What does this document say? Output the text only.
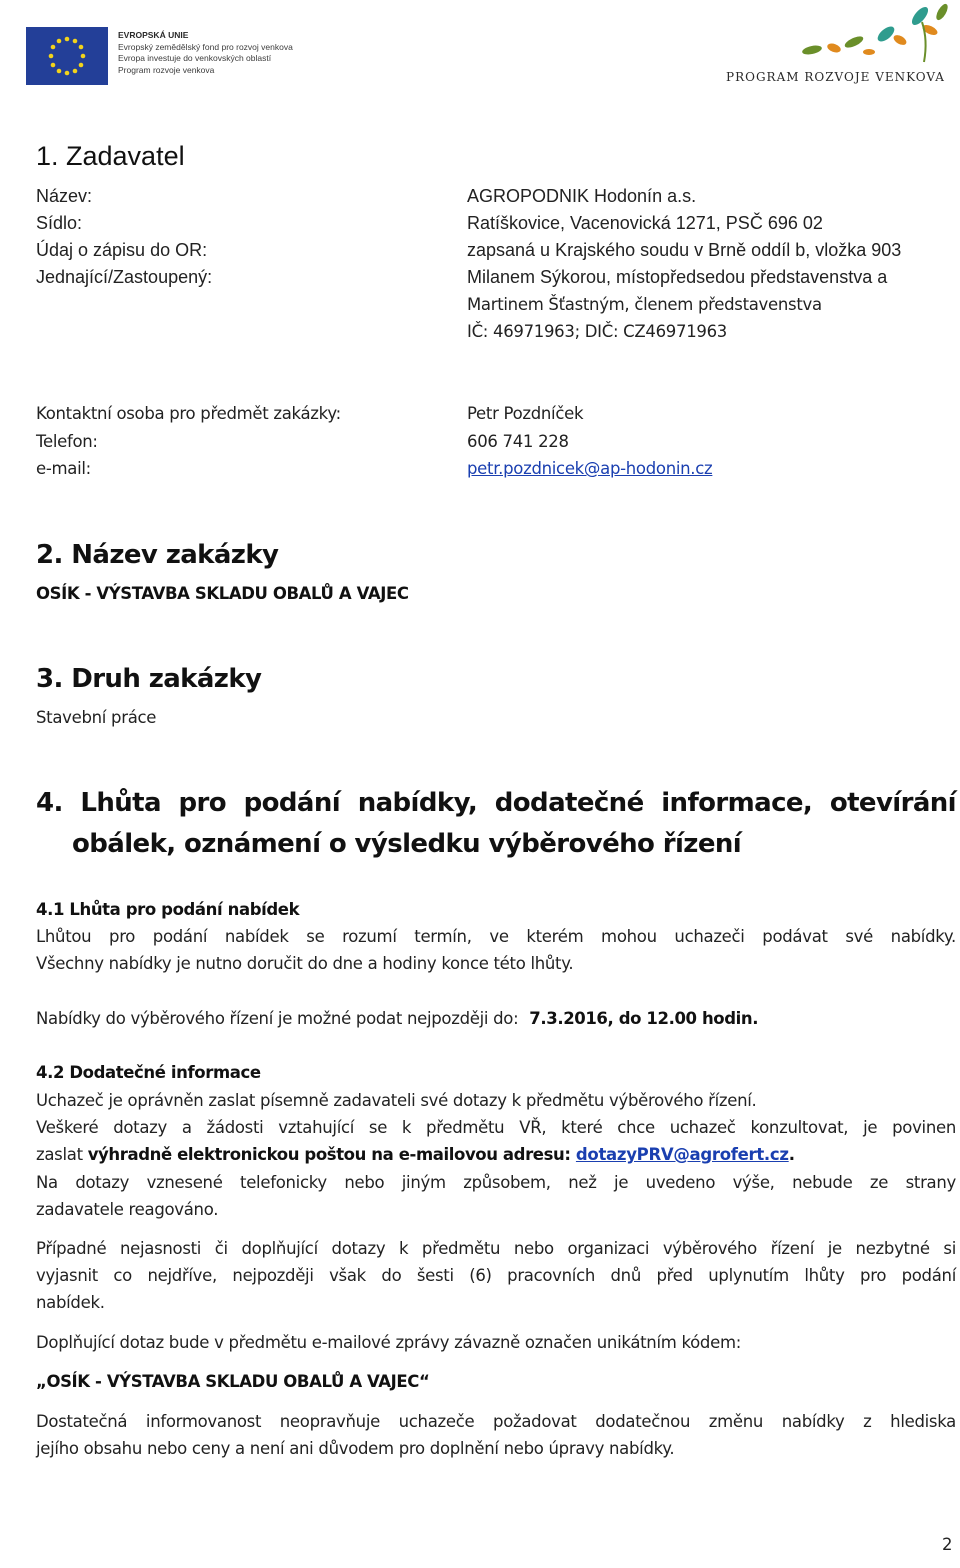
EVROPSKÁ UNIE
Evropský zemědělský fond pro rozvoj venkova
Evropa investuje do venkovských oblastí
Program rozvoje venkova
PROGRAM ROZVOJE VENKOVA
1. Zadavatel
Název:	AGROPODNIK Hodonín a.s.
Sídlo:	Ratíškovice, Vacenovická 1271, PSČ 696 02
Údaj o zápisu do OR:	zapsaná u Krajského soudu v Brně oddíl b, vložka 903
Jednající/Zastoupený:	Milanem Sýkorou, místopředsedou představenstva a
Martinem Šťastným, členem představenstva
IČ: 46971963; DIČ: CZ46971963
Kontaktní osoba pro předmět zakázky:	Petr Pozdníček
Telefon:	606 741 228
e-mail:	petr.pozdnicek@ap-hodonin.cz
2. Název zakázky
OSÍK - VÝSTAVBA SKLADU OBALŮ A VAJEC
3. Druh zakázky
Stavební práce
4. Lhůta pro podání nabídky, dodatečné informace, otevírání
obálek, oznámení o výsledku výběrového řízení
4.1 Lhůta pro podání nabídek
Lhůtou pro podání nabídek se rozumí termín, ve kterém mohou uchazeči podávat své nabídky.
Všechny nabídky je nutno doručit do dne a hodiny konce této lhůty.
Nabídky do výběrového řízení je možné podat nejpozději do: 7.3.2016, do 12.00 hodin.
4.2 Dodatečné informace
Uchazeč je oprávněn zaslat písemně zadavateli své dotazy k předmětu výběrového řízení.
Veškeré dotazy a žádosti vztahující se k předmětu VŘ, které chce uchazeč konzultovat, je povinen
zaslat výhradně elektronickou poštou na e-mailovou adresu: dotazyPRV@agrofert.cz.
Na dotazy vznesené telefonicky nebo jiným způsobem, než je uvedeno výše, nebude ze strany
zadavatele reagováno.
Případné nejasnosti či doplňující dotazy k předmětu nebo organizaci výběrového řízení je nezbytné si
vyjasnit co nejdříve, nejpozději však do šesti (6) pracovních dnů před uplynutím lhůty pro podání
nabídek.
Doplňující dotaz bude v předmětu e-mailové zprávy závazně označen unikátním kódem:
„OSÍK - VÝSTAVBA SKLADU OBALŮ A VAJEC“
Dostatečná informovanost neopravňuje uchazeče požadovat dodatečnou změnu nabídky z hlediska
jejího obsahu nebo ceny a není ani důvodem pro doplnění nebo úpravy nabídky.
2
